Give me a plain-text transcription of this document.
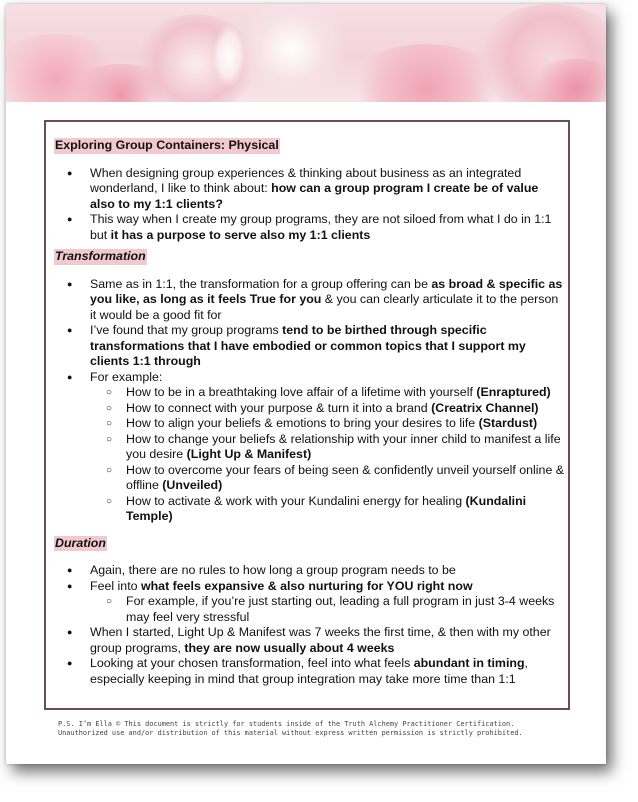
Exploring Group Containers: Physical
● When designing group experiences & thinking about business as an integrated wonderland, I like to think about: how can a group program I create be of value also to my 1:1 clients?
● This way when I create my group programs, they are not siloed from what I do in 1:1 but it has a purpose to serve also my 1:1 clients
Transformation
● Same as in 1:1, the transformation for a group offering can be as broad & specific as you like, as long as it feels True for you & you can clearly articulate it to the person it would be a good fit for
● I’ve found that my group programs tend to be birthed through specific transformations that I have embodied or common topics that I support my clients 1:1 through
● For example:
○ How to be in a breathtaking love affair of a lifetime with yourself (Enraptured)
○ How to connect with your purpose & turn it into a brand (Creatrix Channel)
○ How to align your beliefs & emotions to bring your desires to life (Stardust)
○ How to change your beliefs & relationship with your inner child to manifest a life you desire (Light Up & Manifest)
○ How to overcome your fears of being seen & confidently unveil yourself online & offline (Unveiled)
○ How to activate & work with your Kundalini energy for healing (Kundalini Temple)
Duration
● Again, there are no rules to how long a group program needs to be
● Feel into what feels expansive & also nurturing for YOU right now
○ For example, if you’re just starting out, leading a full program in just 3-4 weeks may feel very stressful
● When I started, Light Up & Manifest was 7 weeks the first time, & then with my other group programs, they are now usually about 4 weeks
● Looking at your chosen transformation, feel into what feels abundant in timing, especially keeping in mind that group integration may take more time than 1:1
P.S. I’m Ella © This document is strictly for students inside of the Truth Alchemy Practitioner Certification. Unauthorized use and/or distribution of this material without express written permission is strictly prohibited.
